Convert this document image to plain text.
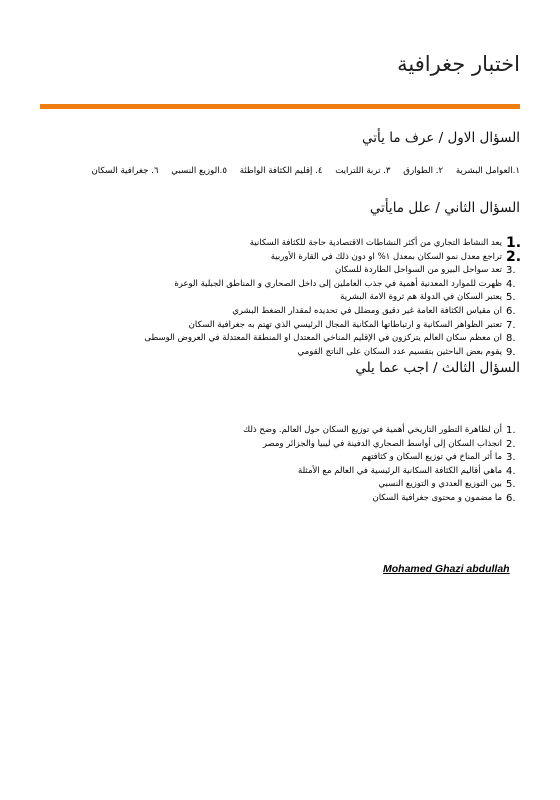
اختبار جغرافية
السؤال الاول / عرف ما يأتي
١.العوامل البشرية ٢. الطوارق ٣. تربة اللترايت ٤. إقليم الكثافة الواطئة ٥.الوزيع النسبي ٦. جغرافية السكان
السؤال الثاني / علل مايأتي
1.
يعد النشاط التجاري من أكثر النشاطات الاقتصادية حاجة للكثافة السكانية
2.
تراجع معدل نمو السكان بمعدل ١% او دون ذلك في القارة الأوربية
3.
تعد سواحل البيرو من السواحل الطاردة للسكان
4.
ظهرت للموارد المعدنية أهمية في جذب العاملين إلى داخل الصحاري و المناطق الجبلية الوعرة
5.
يعتبر السكان في الدولة هم ثروة الامة البشرية
6.
ان مقياس الكثافة العامة غير دقيق ومضلل في تحديده لمقدار الضغط البشري
7.
تعتبر الظواهر السكانية و ارتباطاتها المكانية المجال الرئيسي الذي تهتم به جغرافية السكان
8.
ان معظم سكان العالم يتركزون في الإقليم المناخي المعتدل او المنطقة المعتدلة في العروض الوسطى
9.
يقوم بعض الباحثين بتقسيم عدد السكان على الناتج القومي
السؤال الثالث / اجب عما يلي
1.
أن لظاهرة التطور التاريخي أهمية في توزيع السكان حول العالم. وضح ذلك
2.
انجذاب السكان إلى أواسط الصحاري الدفينة في ليبيا والجزائر ومصر
3.
ما أثر المناخ في توزيع السكان و كثافتهم
4.
ماهي أقاليم الكثافة السكانية الرئيسية في العالم مع الأمثلة
5.
بين التوزيع العددي و التوزيع النسبي
6.
ما مضمون و محتوى جغرافية السكان
Mohamed Ghazi abdullah
